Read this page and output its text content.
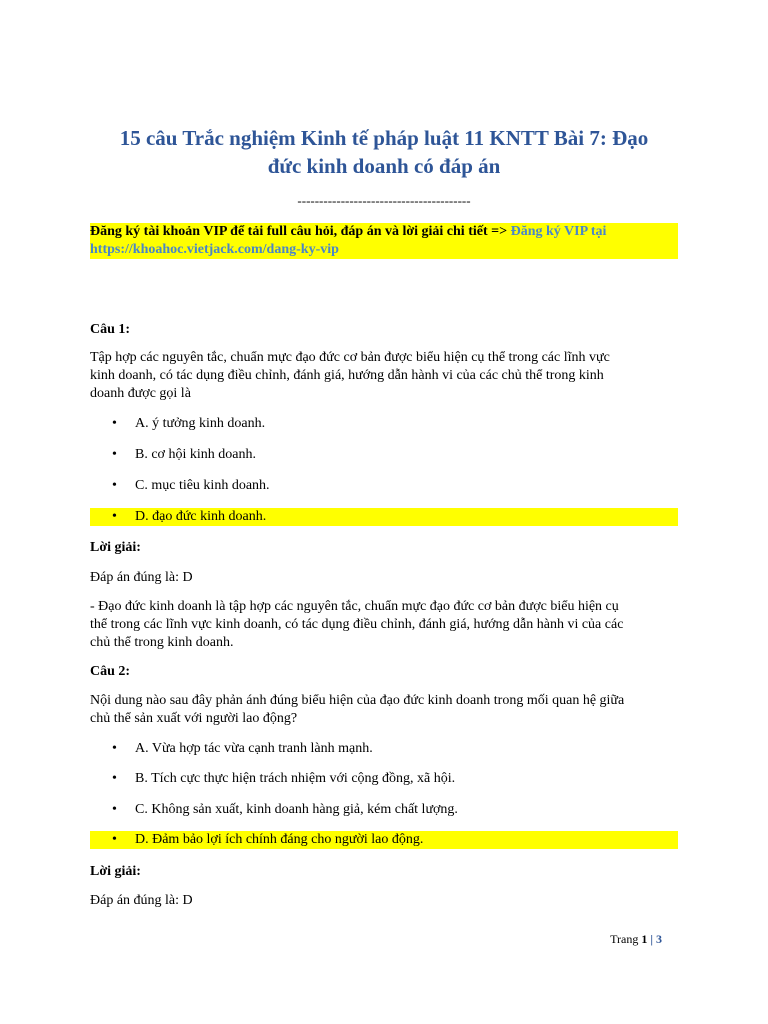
15 câu Trắc nghiệm Kinh tế pháp luật 11 KNTT Bài 7: Đạo
đức kinh doanh có đáp án
----------------------------------------
Đăng ký tài khoản VIP để tải full câu hỏi, đáp án và lời giải chi tiết => Đăng ký VIP tại
https://khoahoc.vietjack.com/dang-ky-vip
Câu 1:
Tập hợp các nguyên tắc, chuẩn mực đạo đức cơ bản được biểu hiện cụ thể trong các lĩnh vực
kinh doanh, có tác dụng điều chỉnh, đánh giá, hướng dẫn hành vi của các chủ thể trong kinh
doanh được gọi là
• A. ý tưởng kinh doanh.
• B. cơ hội kinh doanh.
• C. mục tiêu kinh doanh.
• D. đạo đức kinh doanh.
Lời giải:
Đáp án đúng là: D
- Đạo đức kinh doanh là tập hợp các nguyên tắc, chuẩn mực đạo đức cơ bản được biểu hiện cụ
thể trong các lĩnh vực kinh doanh, có tác dụng điều chỉnh, đánh giá, hướng dẫn hành vi của các
chủ thể trong kinh doanh.
Câu 2:
Nội dung nào sau đây phản ánh đúng biểu hiện của đạo đức kinh doanh trong mối quan hệ giữa
chủ thể sản xuất với người lao động?
• A. Vừa hợp tác vừa cạnh tranh lành mạnh.
• B. Tích cực thực hiện trách nhiệm với cộng đồng, xã hội.
• C. Không sản xuất, kinh doanh hàng giả, kém chất lượng.
• D. Đảm bảo lợi ích chính đáng cho người lao động.
Lời giải:
Đáp án đúng là: D
Trang 1 | 3
